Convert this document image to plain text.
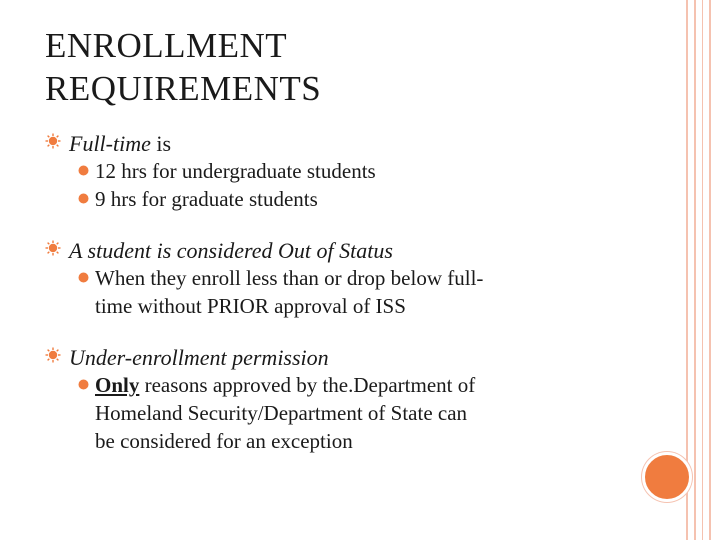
ENROLLMENT
REQUIREMENTS
Full-time is
12 hrs for undergraduate students
9 hrs for graduate students
A student is considered Out of Status
When they enroll less than or drop below full-
time without PRIOR approval of ISS
Under-enrollment permission
Only reasons approved by the.Department of
Homeland Security/Department of State can
be considered for an exception
